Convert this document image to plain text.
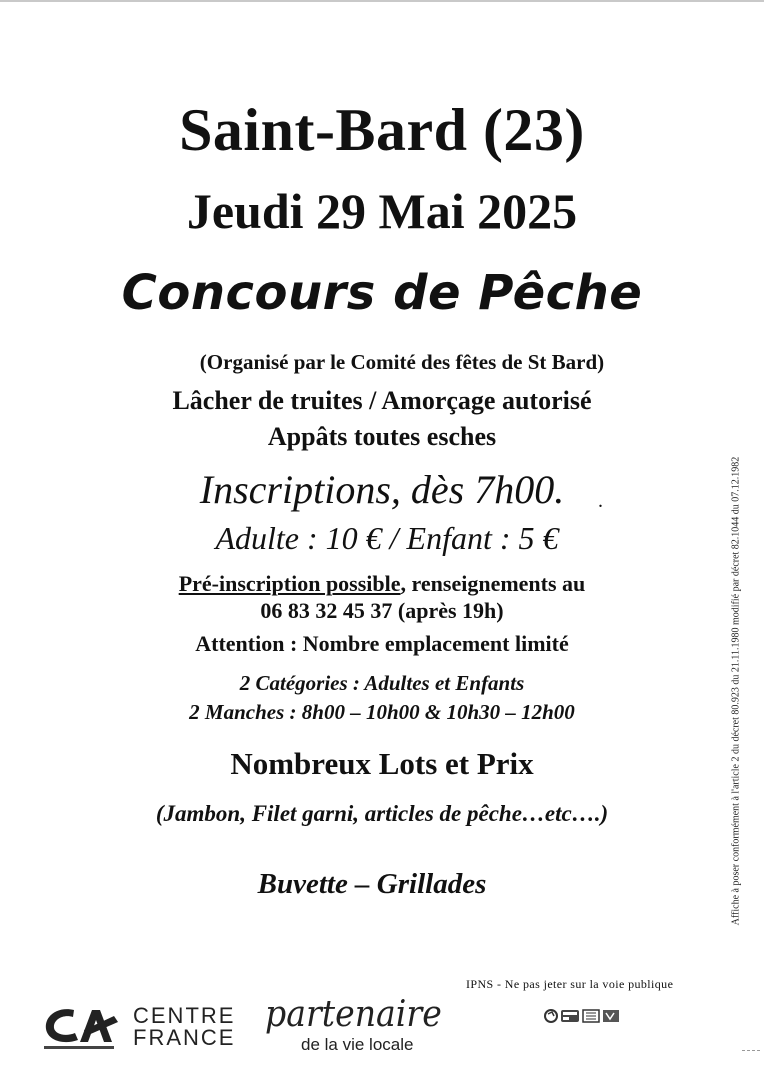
Saint-Bard (23)
Jeudi 29 Mai 2025
Concours de Pêche
(Organisé par le Comité des fêtes de St Bard)
Lâcher de truites / Amorçage autorisé
Appâts toutes esches
Inscriptions, dès 7h00.	.
Adulte : 10 € / Enfant : 5 €
Pré-inscription possible, renseignements au
06 83 32 45 37 (après 19h)
Attention : Nombre emplacement limité
2 Catégories : Adultes et Enfants
2 Manches : 8h00 – 10h00 & 10h30 – 12h00
Nombreux Lots et Prix
(Jambon, Filet garni, articles de pêche…etc….)
Buvette – Grillades	Affiche à poser conformément à l'article 2 du décret 80.923 du 21.11.1980 modifié par décret 82.1044 du 07.12.1982
IPNS - Ne pas jeter sur la voie publique
CENTRE
FRANCE
partenaire
de la vie locale
